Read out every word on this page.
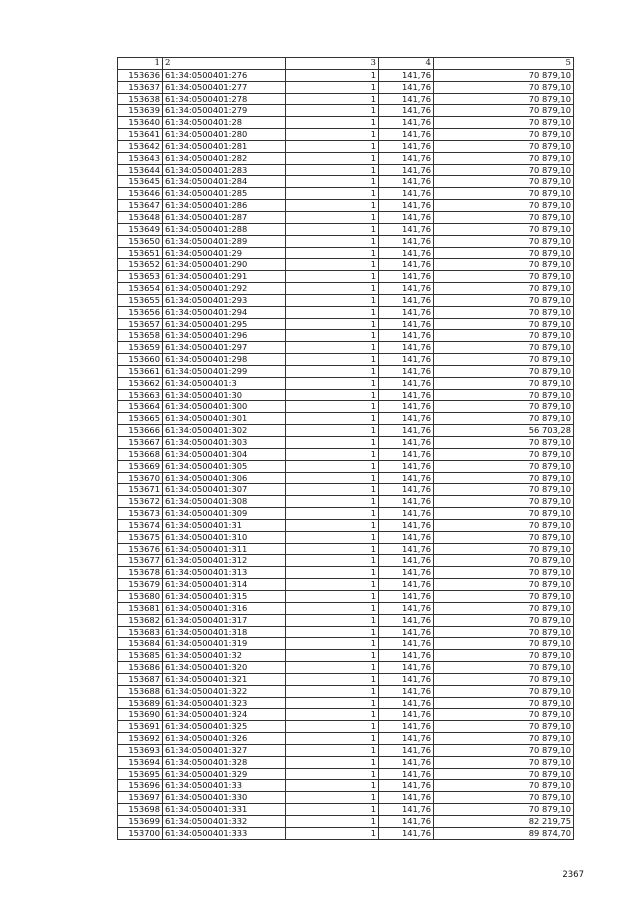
1	2	3	4	5
153636	61:34:0500401:276	1	141,76	70 879,10
153637	61:34:0500401:277	1	141,76	70 879,10
153638	61:34:0500401:278	1	141,76	70 879,10
153639	61:34:0500401:279	1	141,76	70 879,10
153640	61:34:0500401:28	1	141,76	70 879,10
153641	61:34:0500401:280	1	141,76	70 879,10
153642	61:34:0500401:281	1	141,76	70 879,10
153643	61:34:0500401:282	1	141,76	70 879,10
153644	61:34:0500401:283	1	141,76	70 879,10
153645	61:34:0500401:284	1	141,76	70 879,10
153646	61:34:0500401:285	1	141,76	70 879,10
153647	61:34:0500401:286	1	141,76	70 879,10
153648	61:34:0500401:287	1	141,76	70 879,10
153649	61:34:0500401:288	1	141,76	70 879,10
153650	61:34:0500401:289	1	141,76	70 879,10
153651	61:34:0500401:29	1	141,76	70 879,10
153652	61:34:0500401:290	1	141,76	70 879,10
153653	61:34:0500401:291	1	141,76	70 879,10
153654	61:34:0500401:292	1	141,76	70 879,10
153655	61:34:0500401:293	1	141,76	70 879,10
153656	61:34:0500401:294	1	141,76	70 879,10
153657	61:34:0500401:295	1	141,76	70 879,10
153658	61:34:0500401:296	1	141,76	70 879,10
153659	61:34:0500401:297	1	141,76	70 879,10
153660	61:34:0500401:298	1	141,76	70 879,10
153661	61:34:0500401:299	1	141,76	70 879,10
153662	61:34:0500401:3	1	141,76	70 879,10
153663	61:34:0500401:30	1	141,76	70 879,10
153664	61:34:0500401:300	1	141,76	70 879,10
153665	61:34:0500401:301	1	141,76	70 879,10
153666	61:34:0500401:302	1	141,76	56 703,28
153667	61:34:0500401:303	1	141,76	70 879,10
153668	61:34:0500401:304	1	141,76	70 879,10
153669	61:34:0500401:305	1	141,76	70 879,10
153670	61:34:0500401:306	1	141,76	70 879,10
153671	61:34:0500401:307	1	141,76	70 879,10
153672	61:34:0500401:308	1	141,76	70 879,10
153673	61:34:0500401:309	1	141,76	70 879,10
153674	61:34:0500401:31	1	141,76	70 879,10
153675	61:34:0500401:310	1	141,76	70 879,10
153676	61:34:0500401:311	1	141,76	70 879,10
153677	61:34:0500401:312	1	141,76	70 879,10
153678	61:34:0500401:313	1	141,76	70 879,10
153679	61:34:0500401:314	1	141,76	70 879,10
153680	61:34:0500401:315	1	141,76	70 879,10
153681	61:34:0500401:316	1	141,76	70 879,10
153682	61:34:0500401:317	1	141,76	70 879,10
153683	61:34:0500401:318	1	141,76	70 879,10
153684	61:34:0500401:319	1	141,76	70 879,10
153685	61:34:0500401:32	1	141,76	70 879,10
153686	61:34:0500401:320	1	141,76	70 879,10
153687	61:34:0500401:321	1	141,76	70 879,10
153688	61:34:0500401:322	1	141,76	70 879,10
153689	61:34:0500401:323	1	141,76	70 879,10
153690	61:34:0500401:324	1	141,76	70 879,10
153691	61:34:0500401:325	1	141,76	70 879,10
153692	61:34:0500401:326	1	141,76	70 879,10
153693	61:34:0500401:327	1	141,76	70 879,10
153694	61:34:0500401:328	1	141,76	70 879,10
153695	61:34:0500401:329	1	141,76	70 879,10
153696	61:34:0500401:33	1	141,76	70 879,10
153697	61:34:0500401:330	1	141,76	70 879,10
153698	61:34:0500401:331	1	141,76	70 879,10
153699	61:34:0500401:332	1	141,76	82 219,75
153700	61:34:0500401:333	1	141,76	89 874,70
2367
